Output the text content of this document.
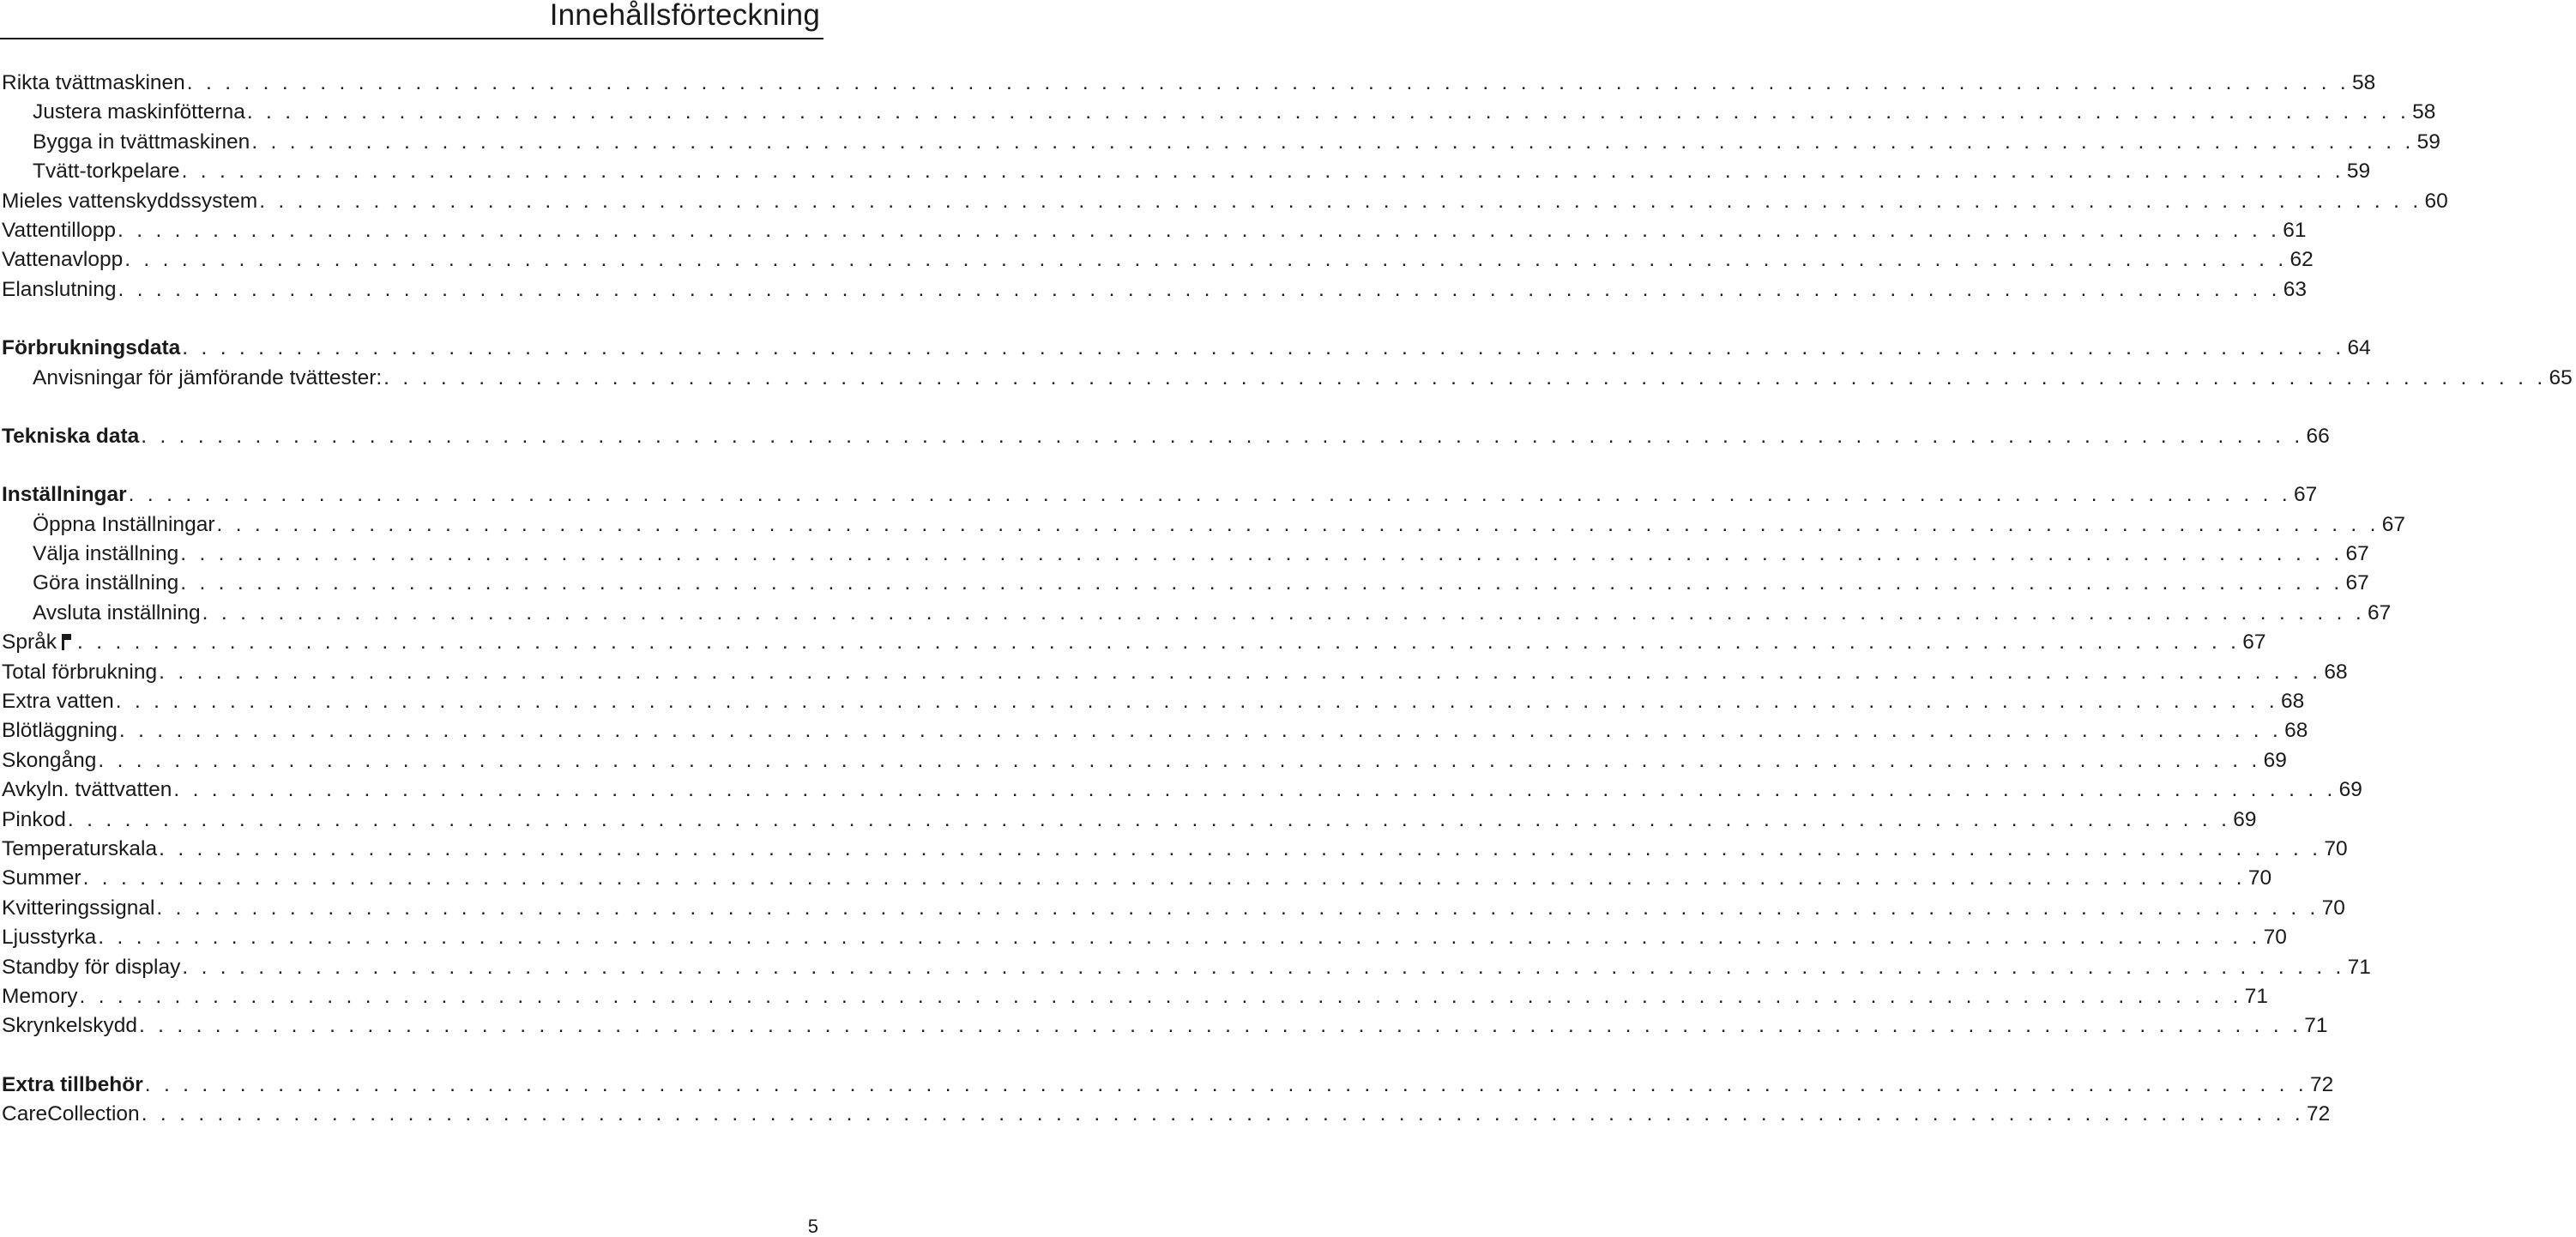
Innehållsförteckning
Rikta tvättmaskinen . . . . . . . . . . . . . . . . . . . . . . . . . . . . . . . . . . . . . . . . . . . . . . . . . . . . . . . . . . . . . . . . . . . . . . . . . . . . . . . . . . . . . . . . . . . . . . . . . . . . . . . . . . . . . . . . . . 58
Justera maskinfötterna . . . . . . . . . . . . . . . . . . . . . . . . . . . . . . . . . . . . . . . . . . . . . . . . . . . . . . . . . . . . . . . . . . . . . . . . . . . . . . . . . . . . . . . . . . . . . . . . . . . . . . . . . . . . . . . . . . 58
Bygga in tvättmaskinen . . . . . . . . . . . . . . . . . . . . . . . . . . . . . . . . . . . . . . . . . . . . . . . . . . . . . . . . . . . . . . . . . . . . . . . . . . . . . . . . . . . . . . . . . . . . . . . . . . . . . . . . . . . . . . . . . . 59
Tvätt-torkpelare . . . . . . . . . . . . . . . . . . . . . . . . . . . . . . . . . . . . . . . . . . . . . . . . . . . . . . . . . . . . . . . . . . . . . . . . . . . . . . . . . . . . . . . . . . . . . . . . . . . . . . . . . . . . . . . . . . 59
Mieles vattenskyddssystem . . . . . . . . . . . . . . . . . . . . . . . . . . . . . . . . . . . . . . . . . . . . . . . . . . . . . . . . . . . . . . . . . . . . . . . . . . . . . . . . . . . . . . . . . . . . . . . . . . . . . . . . . . . . . . . . . . 60
Vattentillopp . . . . . . . . . . . . . . . . . . . . . . . . . . . . . . . . . . . . . . . . . . . . . . . . . . . . . . . . . . . . . . . . . . . . . . . . . . . . . . . . . . . . . . . . . . . . . . . . . . . . . . . . . . . . . . . . . . 61
Vattenavlopp . . . . . . . . . . . . . . . . . . . . . . . . . . . . . . . . . . . . . . . . . . . . . . . . . . . . . . . . . . . . . . . . . . . . . . . . . . . . . . . . . . . . . . . . . . . . . . . . . . . . . . . . . . . . . . . . . . 62
Elanslutning . . . . . . . . . . . . . . . . . . . . . . . . . . . . . . . . . . . . . . . . . . . . . . . . . . . . . . . . . . . . . . . . . . . . . . . . . . . . . . . . . . . . . . . . . . . . . . . . . . . . . . . . . . . . . . . . . . 63
Förbrukningsdata . . . . . . . . . . . . . . . . . . . . . . . . . . . . . . . . . . . . . . . . . . . . . . . . . . . . . . . . . . . . . . . . . . . . . . . . . . . . . . . . . . . . . . . . . . . . . . . . . . . . . . . . . . . . . . . . . . 64
Anvisningar för jämförande tvättester: . . . . . . . . . . . . . . . . . . . . . . . . . . . . . . . . . . . . . . . . . . . . . . . . . . . . . . . . . . . . . . . . . . . . . . . . . . . . . . . . . . . . . . . . . . . . . . . . . . . . . . . . . . . . . . . . . . 65
Tekniska data . . . . . . . . . . . . . . . . . . . . . . . . . . . . . . . . . . . . . . . . . . . . . . . . . . . . . . . . . . . . . . . . . . . . . . . . . . . . . . . . . . . . . . . . . . . . . . . . . . . . . . . . . . . . . . . . . . 66
Inställningar . . . . . . . . . . . . . . . . . . . . . . . . . . . . . . . . . . . . . . . . . . . . . . . . . . . . . . . . . . . . . . . . . . . . . . . . . . . . . . . . . . . . . . . . . . . . . . . . . . . . . . . . . . . . . . . . . . 67
Öppna Inställningar . . . . . . . . . . . . . . . . . . . . . . . . . . . . . . . . . . . . . . . . . . . . . . . . . . . . . . . . . . . . . . . . . . . . . . . . . . . . . . . . . . . . . . . . . . . . . . . . . . . . . . . . . . . . . . . . . . 67
Välja inställning . . . . . . . . . . . . . . . . . . . . . . . . . . . . . . . . . . . . . . . . . . . . . . . . . . . . . . . . . . . . . . . . . . . . . . . . . . . . . . . . . . . . . . . . . . . . . . . . . . . . . . . . . . . . . . . . . . 67
Göra inställning . . . . . . . . . . . . . . . . . . . . . . . . . . . . . . . . . . . . . . . . . . . . . . . . . . . . . . . . . . . . . . . . . . . . . . . . . . . . . . . . . . . . . . . . . . . . . . . . . . . . . . . . . . . . . . . . . . 67
Avsluta inställning . . . . . . . . . . . . . . . . . . . . . . . . . . . . . . . . . . . . . . . . . . . . . . . . . . . . . . . . . . . . . . . . . . . . . . . . . . . . . . . . . . . . . . . . . . . . . . . . . . . . . . . . . . . . . . . . . . 67
Språk . . . . . . . . . . . . . . . . . . . . . . . . . . . . . . . . . . . . . . . . . . . . . . . . . . . . . . . . . . . . . . . . . . . . . . . . . . . . . . . . . . . . . . . . . . . . . . . . . . . . . . . . . . . . . . . . . . 67
Total förbrukning . . . . . . . . . . . . . . . . . . . . . . . . . . . . . . . . . . . . . . . . . . . . . . . . . . . . . . . . . . . . . . . . . . . . . . . . . . . . . . . . . . . . . . . . . . . . . . . . . . . . . . . . . . . . . . . . . . 68
Extra vatten . . . . . . . . . . . . . . . . . . . . . . . . . . . . . . . . . . . . . . . . . . . . . . . . . . . . . . . . . . . . . . . . . . . . . . . . . . . . . . . . . . . . . . . . . . . . . . . . . . . . . . . . . . . . . . . . . . 68
Blötläggning . . . . . . . . . . . . . . . . . . . . . . . . . . . . . . . . . . . . . . . . . . . . . . . . . . . . . . . . . . . . . . . . . . . . . . . . . . . . . . . . . . . . . . . . . . . . . . . . . . . . . . . . . . . . . . . . . . 68
Skongång . . . . . . . . . . . . . . . . . . . . . . . . . . . . . . . . . . . . . . . . . . . . . . . . . . . . . . . . . . . . . . . . . . . . . . . . . . . . . . . . . . . . . . . . . . . . . . . . . . . . . . . . . . . . . . . . . . 69
Avkyln. tvättvatten . . . . . . . . . . . . . . . . . . . . . . . . . . . . . . . . . . . . . . . . . . . . . . . . . . . . . . . . . . . . . . . . . . . . . . . . . . . . . . . . . . . . . . . . . . . . . . . . . . . . . . . . . . . . . . . . . . 69
Pinkod . . . . . . . . . . . . . . . . . . . . . . . . . . . . . . . . . . . . . . . . . . . . . . . . . . . . . . . . . . . . . . . . . . . . . . . . . . . . . . . . . . . . . . . . . . . . . . . . . . . . . . . . . . . . . . . . . . 69
Temperaturskala . . . . . . . . . . . . . . . . . . . . . . . . . . . . . . . . . . . . . . . . . . . . . . . . . . . . . . . . . . . . . . . . . . . . . . . . . . . . . . . . . . . . . . . . . . . . . . . . . . . . . . . . . . . . . . . . . . 70
Summer . . . . . . . . . . . . . . . . . . . . . . . . . . . . . . . . . . . . . . . . . . . . . . . . . . . . . . . . . . . . . . . . . . . . . . . . . . . . . . . . . . . . . . . . . . . . . . . . . . . . . . . . . . . . . . . . . . 70
Kvitteringssignal . . . . . . . . . . . . . . . . . . . . . . . . . . . . . . . . . . . . . . . . . . . . . . . . . . . . . . . . . . . . . . . . . . . . . . . . . . . . . . . . . . . . . . . . . . . . . . . . . . . . . . . . . . . . . . . . . . 70
Ljusstyrka . . . . . . . . . . . . . . . . . . . . . . . . . . . . . . . . . . . . . . . . . . . . . . . . . . . . . . . . . . . . . . . . . . . . . . . . . . . . . . . . . . . . . . . . . . . . . . . . . . . . . . . . . . . . . . . . . . 70
Standby för display . . . . . . . . . . . . . . . . . . . . . . . . . . . . . . . . . . . . . . . . . . . . . . . . . . . . . . . . . . . . . . . . . . . . . . . . . . . . . . . . . . . . . . . . . . . . . . . . . . . . . . . . . . . . . . . . . . 71
Memory . . . . . . . . . . . . . . . . . . . . . . . . . . . . . . . . . . . . . . . . . . . . . . . . . . . . . . . . . . . . . . . . . . . . . . . . . . . . . . . . . . . . . . . . . . . . . . . . . . . . . . . . . . . . . . . . . . 71
Skrynkelskydd . . . . . . . . . . . . . . . . . . . . . . . . . . . . . . . . . . . . . . . . . . . . . . . . . . . . . . . . . . . . . . . . . . . . . . . . . . . . . . . . . . . . . . . . . . . . . . . . . . . . . . . . . . . . . . . . . . 71
Extra tillbehör . . . . . . . . . . . . . . . . . . . . . . . . . . . . . . . . . . . . . . . . . . . . . . . . . . . . . . . . . . . . . . . . . . . . . . . . . . . . . . . . . . . . . . . . . . . . . . . . . . . . . . . . . . . . . . . . . . 72
CareCollection . . . . . . . . . . . . . . . . . . . . . . . . . . . . . . . . . . . . . . . . . . . . . . . . . . . . . . . . . . . . . . . . . . . . . . . . . . . . . . . . . . . . . . . . . . . . . . . . . . . . . . . . . . . . . . . . . . 72
5
